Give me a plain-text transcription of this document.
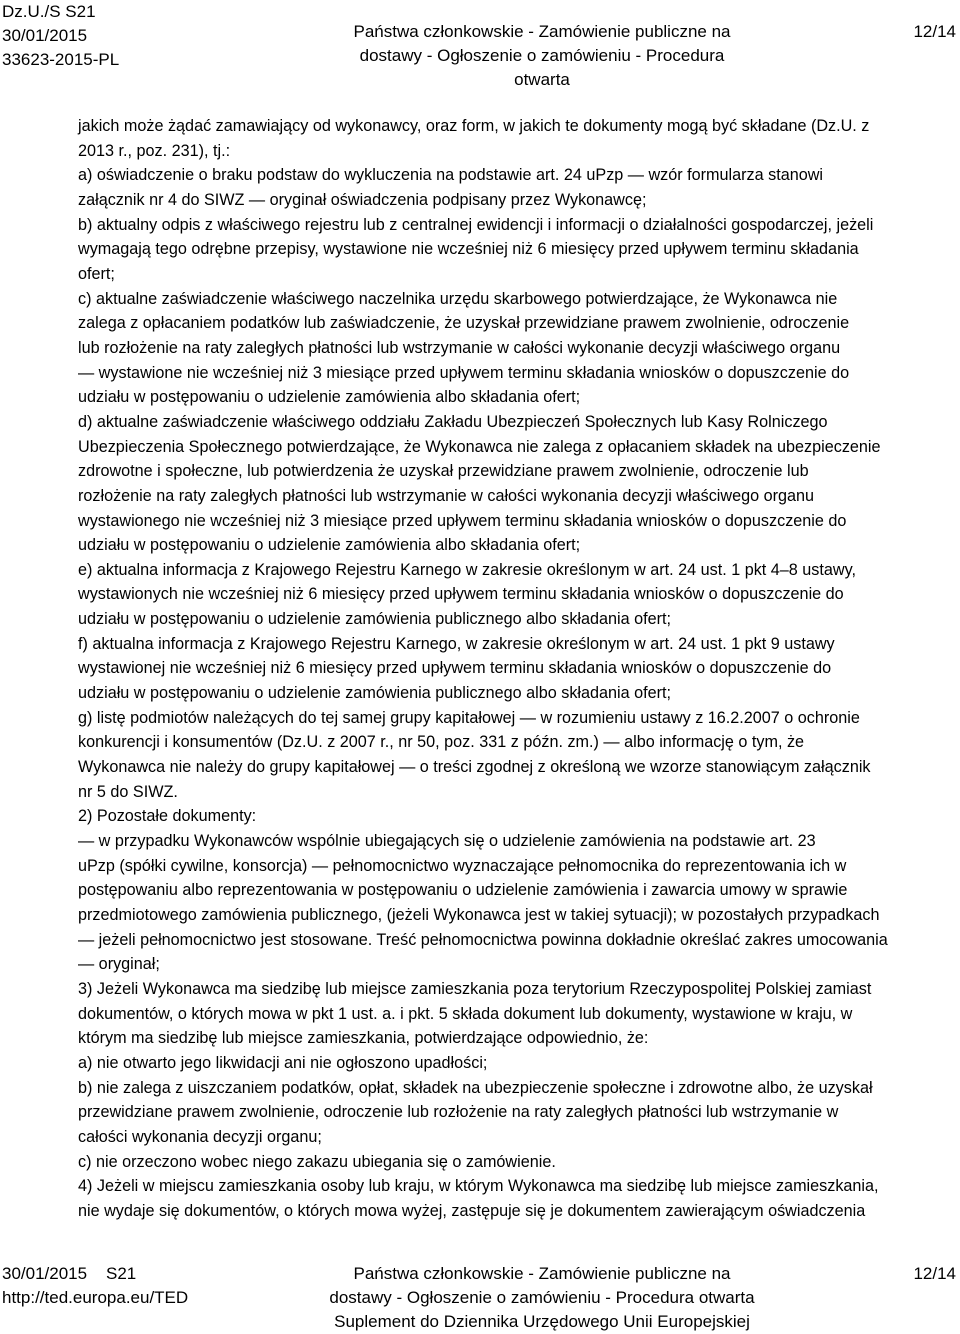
Dz.U./S S21
30/01/2015
33623-2015-PL
Państwa członkowskie - Zamówienie publiczne na
dostawy - Ogłoszenie o zamówieniu - Procedura otwarta
12/14

jakich może żądać zamawiający od wykonawcy, oraz form, w jakich te dokumenty mogą być składane (Dz.U. z

2013 r., poz. 231), tj.:

a) oświadczenie o braku podstaw do wykluczenia na podstawie art. 24 uPzp — wzór formularza stanowi

załącznik nr 4 do SIWZ — oryginał oświadczenia podpisany przez Wykonawcę;

b) aktualny odpis z właściwego rejestru lub z centralnej ewidencji i informacji o działalności gospodarczej, jeżeli

wymagają tego odrębne przepisy, wystawione nie wcześniej niż 6 miesięcy przed upływem terminu składania

ofert;

c) aktualne zaświadczenie właściwego naczelnika urzędu skarbowego potwierdzające, że Wykonawca nie

zalega z opłacaniem podatków lub zaświadczenie, że uzyskał przewidziane prawem zwolnienie, odroczenie

lub rozłożenie na raty zaległych płatności lub wstrzymanie w całości wykonanie decyzji właściwego organu

— wystawione nie wcześniej niż 3 miesiące przed upływem terminu składania wniosków o dopuszczenie do

udziału w postępowaniu o udzielenie zamówienia albo składania ofert;

d) aktualne zaświadczenie właściwego oddziału Zakładu Ubezpieczeń Społecznych lub Kasy Rolniczego

Ubezpieczenia Społecznego potwierdzające, że Wykonawca nie zalega z opłacaniem składek na ubezpieczenie

zdrowotne i społeczne, lub potwierdzenia że uzyskał przewidziane prawem zwolnienie, odroczenie lub

rozłożenie na raty zaległych płatności lub wstrzymanie w całości wykonania decyzji właściwego organu

wystawionego nie wcześniej niż 3 miesiące przed upływem terminu składania wniosków o dopuszczenie do

udziału w postępowaniu o udzielenie zamówienia albo składania ofert;

e) aktualna informacja z Krajowego Rejestru Karnego w zakresie określonym w art. 24 ust. 1 pkt 4–8 ustawy,

wystawionych nie wcześniej niż 6 miesięcy przed upływem terminu składania wniosków o dopuszczenie do

udziału w postępowaniu o udzielenie zamówienia publicznego albo składania ofert;

f) aktualna informacja z Krajowego Rejestru Karnego, w zakresie określonym w art. 24 ust. 1 pkt 9 ustawy

wystawionej nie wcześniej niż 6 miesięcy przed upływem terminu składania wniosków o dopuszczenie do

udziału w postępowaniu o udzielenie zamówienia publicznego albo składania ofert;

g) listę podmiotów należących do tej samej grupy kapitałowej — w rozumieniu ustawy z 16.2.2007 o ochronie

konkurencji i konsumentów (Dz.U. z 2007 r., nr 50, poz. 331 z późn. zm.) — albo informację o tym, że

Wykonawca nie należy do grupy kapitałowej — o treści zgodnej z określoną we wzorze stanowiącym załącznik

nr 5 do SIWZ.

2) Pozostałe dokumenty:

— w przypadku Wykonawców wspólnie ubiegających się o udzielenie zamówienia na podstawie art. 23

uPzp (spółki cywilne, konsorcja) — pełnomocnictwo wyznaczające pełnomocnika do reprezentowania ich w

postępowaniu albo reprezentowania w postępowaniu o udzielenie zamówienia i zawarcia umowy w sprawie

przedmiotowego zamówienia publicznego, (jeżeli Wykonawca jest w takiej sytuacji); w pozostałych przypadkach

— jeżeli pełnomocnictwo jest stosowane. Treść pełnomocnictwa powinna dokładnie określać zakres umocowania

— oryginał;

3) Jeżeli Wykonawca ma siedzibę lub miejsce zamieszkania poza terytorium Rzeczypospolitej Polskiej zamiast

dokumentów, o których mowa w pkt 1 ust. a. i pkt. 5 składa dokument lub dokumenty, wystawione w kraju, w

którym ma siedzibę lub miejsce zamieszkania, potwierdzające odpowiednio, że:

a) nie otwarto jego likwidacji ani nie ogłoszono upadłości;

b) nie zalega z uiszczaniem podatków, opłat, składek na ubezpieczenie społeczne i zdrowotne albo, że uzyskał

przewidziane prawem zwolnienie, odroczenie lub rozłożenie na raty zaległych płatności lub wstrzymanie w

całości wykonania decyzji organu;

c) nie orzeczono wobec niego zakazu ubiegania się o zamówienie.

4) Jeżeli w miejscu zamieszkania osoby lub kraju, w którym Wykonawca ma siedzibę lub miejsce zamieszkania,

nie wydaje się dokumentów, o których mowa wyżej, zastępuje się je dokumentem zawierającym oświadczenia

30/01/2015    S21
http://ted.europa.eu/TED
Państwa członkowskie - Zamówienie publiczne na
dostawy - Ogłoszenie o zamówieniu - Procedura otwarta
Suplement do Dziennika Urzędowego Unii Europejskiej
12/14
